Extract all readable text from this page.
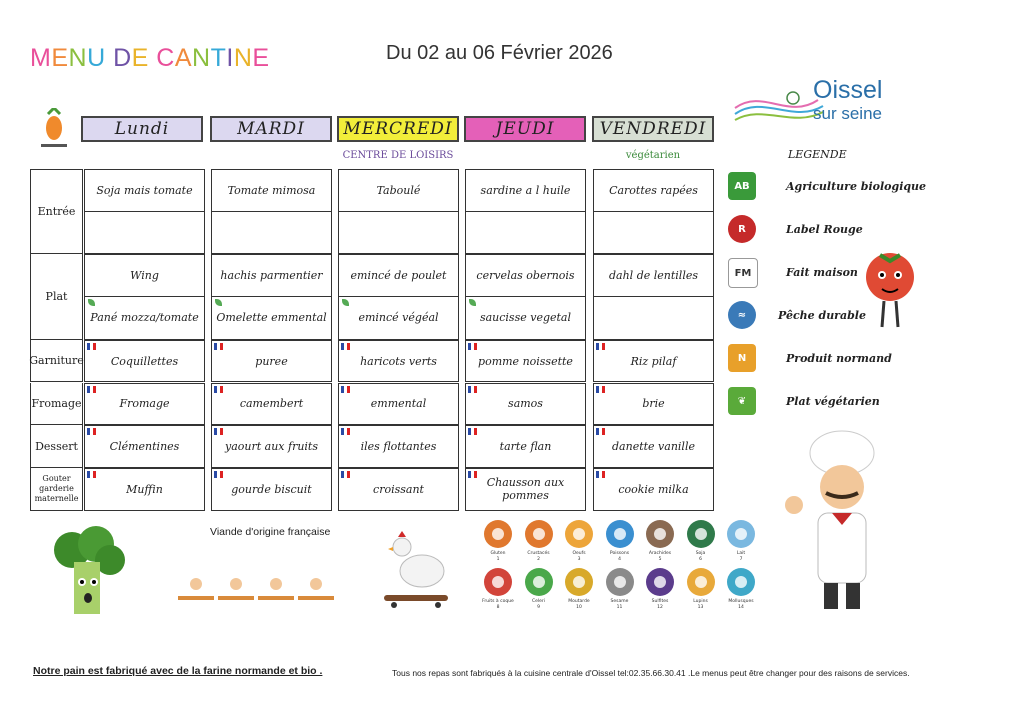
MENU DE CANTINE	Du 02 au 06 Février 2026
Oissel
sur seine
Lundi	MARDI	MERCREDI
CENTRE DE LOISIRS
JEUDI	VENDREDI
végétarien
Entrée
Soja mais tomate	Tomate mimosa	Taboulé	sardine a l huile	Carottes rapées
Plat
Wing	hachis parmentier	emincé de poulet	cervelas obernois	dahl de lentilles
Pané mozza/tomate	Omelette emmental	emincé végéal	saucisse vegetal
Garniture	Coquillettes	puree	haricots verts	pomme noissette	Riz pilaf
Fromage	Fromage	camembert	emmental	samos	brie
Dessert	Clémentines	yaourt aux fruits	iles flottantes	tarte flan	danette vanille
Gouter garderie maternelle
Muffin	gourde biscuit	croissant	Chausson aux pommes	cookie milka
LEGENDE
AB	Agriculture biologique
R	Label Rouge
FM	Fait maison
≈	Pêche durable
N	Produit normand
❦	Plat végétarien
Viande d'origine française
Gluten
1
Crustacés
2
Oeufs
3
Poissons
4
Arachides
5
Soja
6
Lait
7
Fruits à coque
8
Celeri
9
Moutarde
10
Sesame
11
Sulfites
12
Lupins
13
Mollusques
14
Notre pain est fabriqué avec de la farine normande et bio .	Tous nos repas sont fabriqués à la cuisine centrale d'Oissel tel:02.35.66.30.41 .Le menus peut être changer pour des raisons de services.
